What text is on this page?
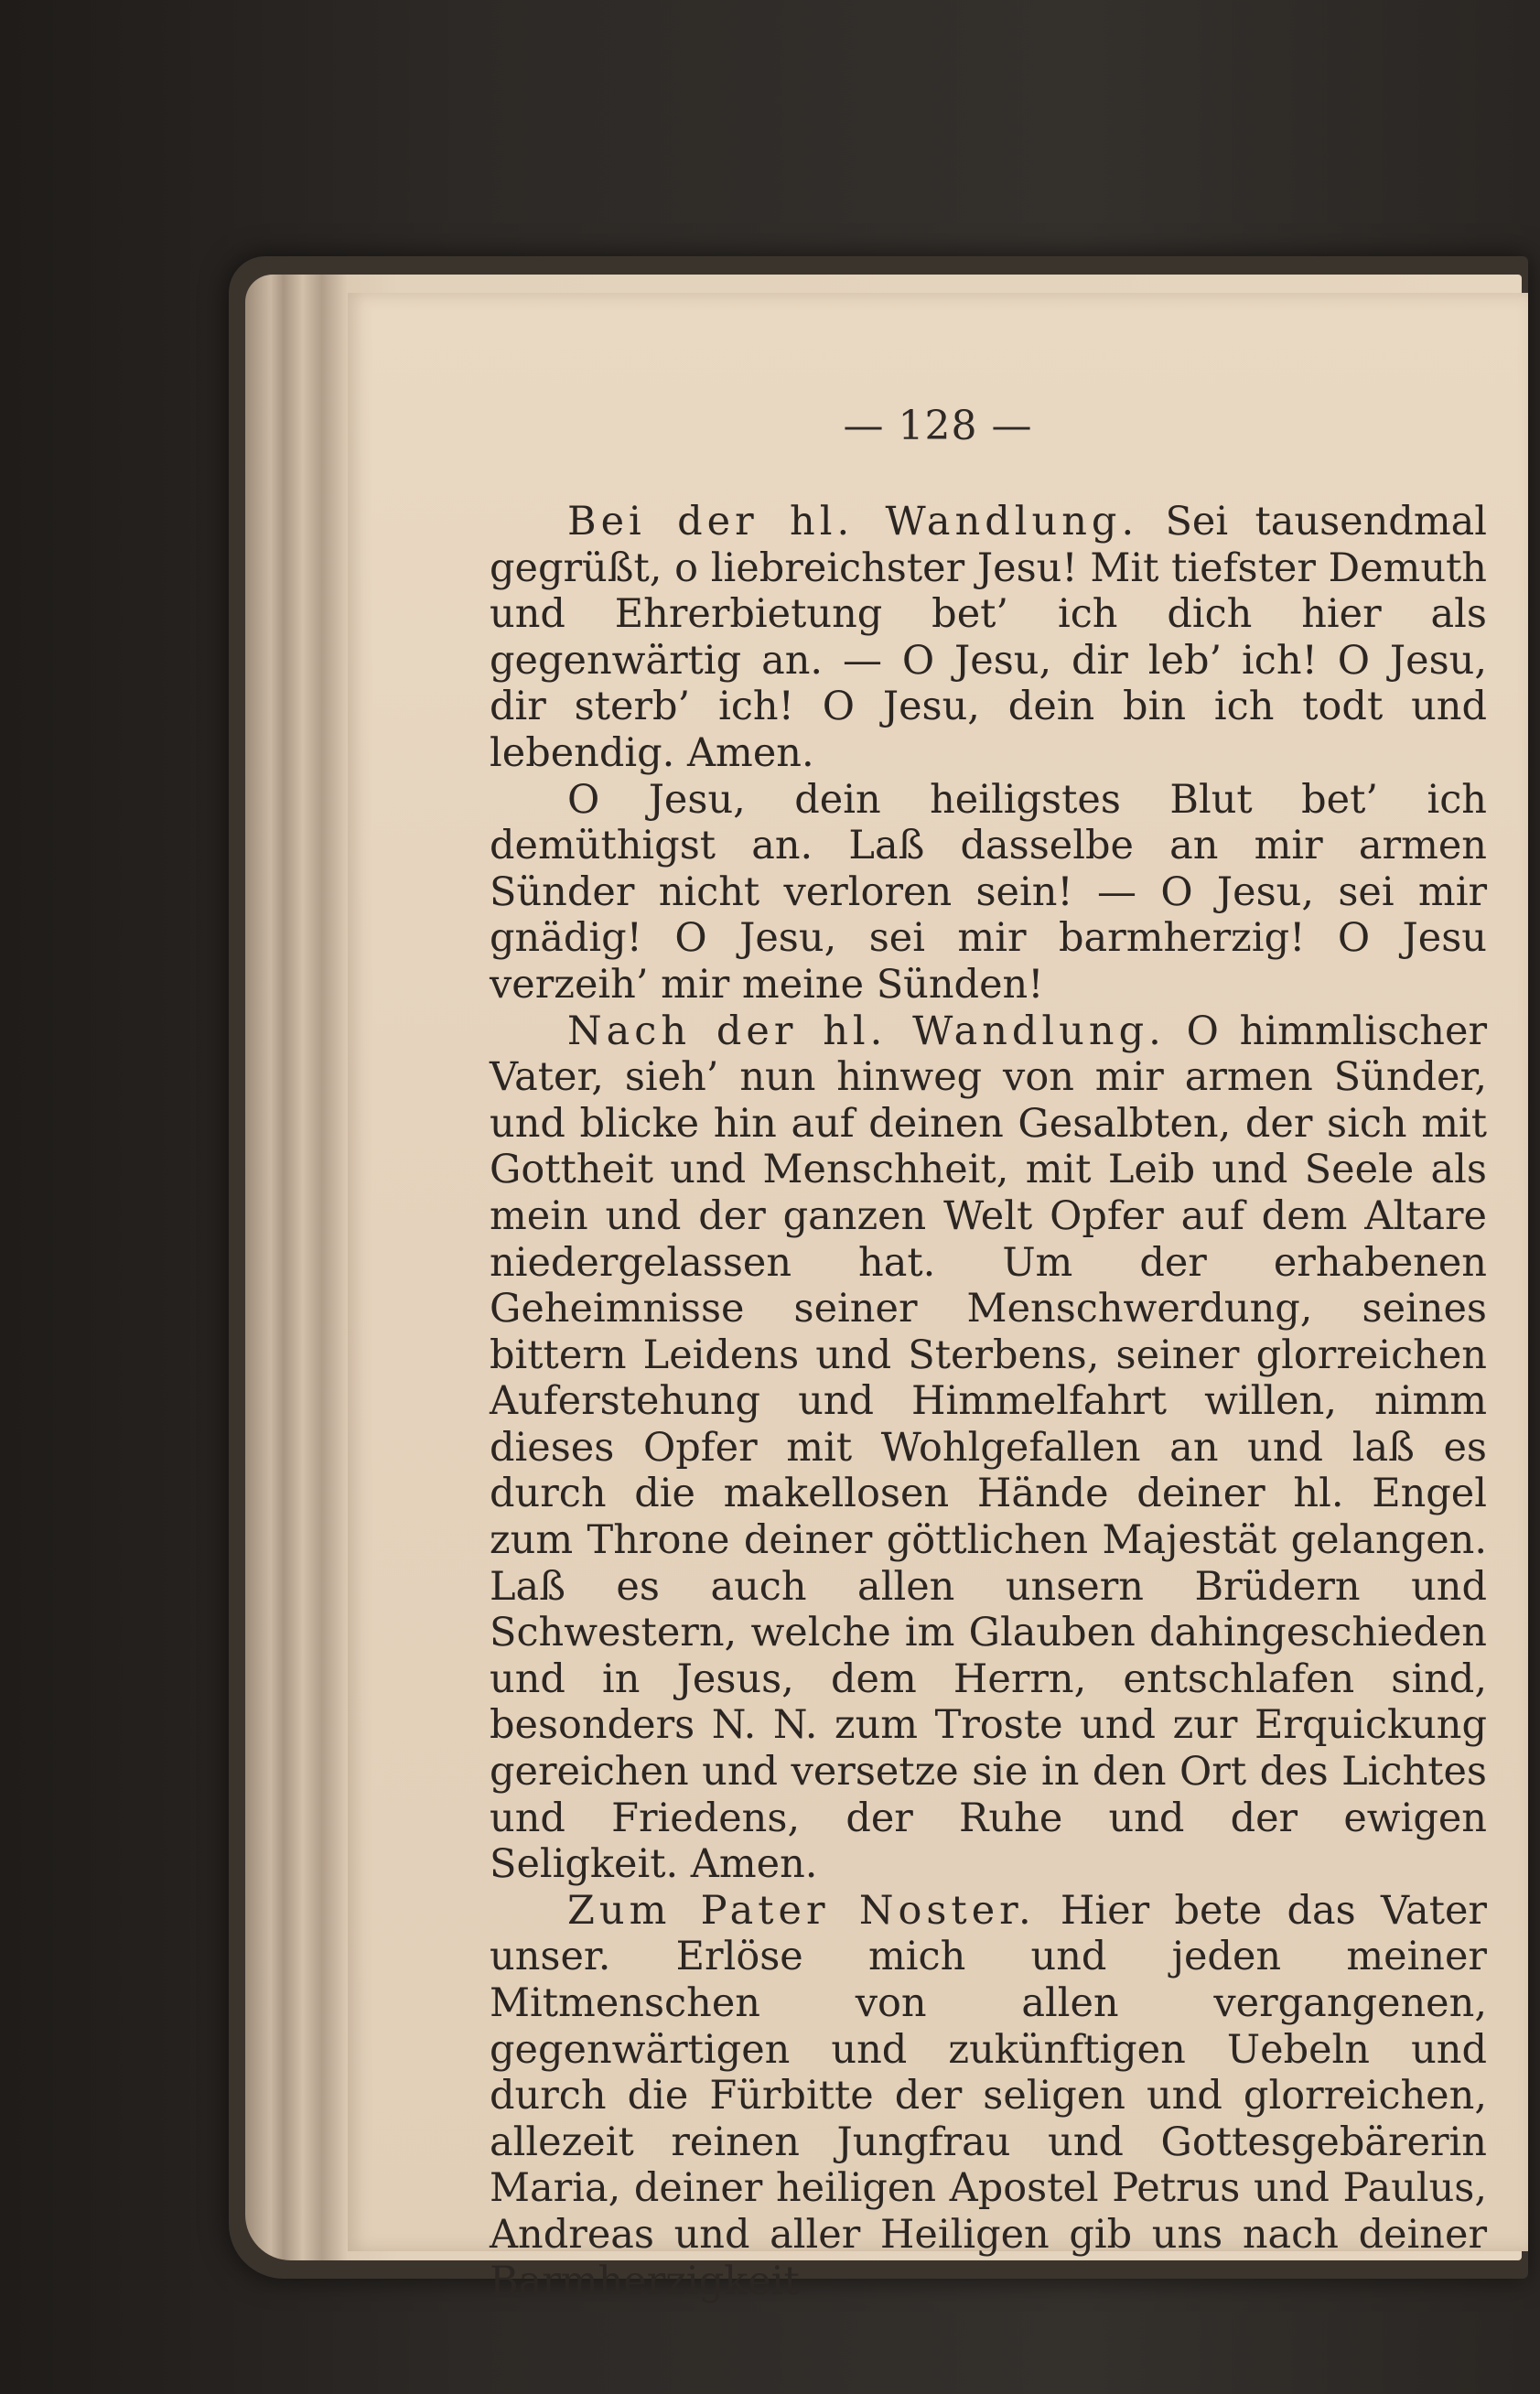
— 128 —

Bei der hl. Wandlung. Sei tausendmal gegrüßt, o liebreichster Jesu! Mit tiefster Demuth und Ehrerbietung bet’ ich dich hier als gegenwärtig an. — O Jesu, dir leb’ ich! O Jesu, dir sterb’ ich! O Jesu, dein bin ich todt und lebendig. Amen.

O Jesu, dein heiligstes Blut bet’ ich demüthigst an. Laß dasselbe an mir armen Sünder nicht verloren sein! — O Jesu, sei mir gnädig! O Jesu, sei mir barmherzig! O Jesu verzeih’ mir meine Sünden!

Nach der hl. Wandlung. O himmlischer Vater, sieh’ nun hinweg von mir armen Sünder, und blicke hin auf deinen Gesalbten, der sich mit Gottheit und Menschheit, mit Leib und Seele als mein und der ganzen Welt Opfer auf dem Altare niedergelassen hat. Um der erhabenen Geheimnisse seiner Menschwerdung, seines bittern Leidens und Sterbens, seiner glorreichen Auferstehung und Himmelfahrt willen, nimm dieses Opfer mit Wohlgefallen an und laß es durch die makellosen Hände deiner hl. Engel zum Throne deiner göttlichen Majestät gelangen. Laß es auch allen unsern Brüdern und Schwestern, welche im Glauben dahingeschieden und in Jesus, dem Herrn, entschlafen sind, besonders N. N. zum Troste und zur Erquickung gereichen und versetze sie in den Ort des Lichtes und Friedens, der Ruhe und der ewigen Seligkeit. Amen.

Zum Pater Noster. Hier bete das Vater unser. Erlöse mich und jeden meiner Mitmenschen von allen vergangenen, gegenwärtigen und zukünftigen Uebeln und durch die Fürbitte der seligen und glorreichen, allezeit reinen Jungfrau und Gottesgebärerin Maria, deiner heiligen Apostel Petrus und Paulus, Andreas und aller Heiligen gib uns nach deiner Barmherzigkeit
